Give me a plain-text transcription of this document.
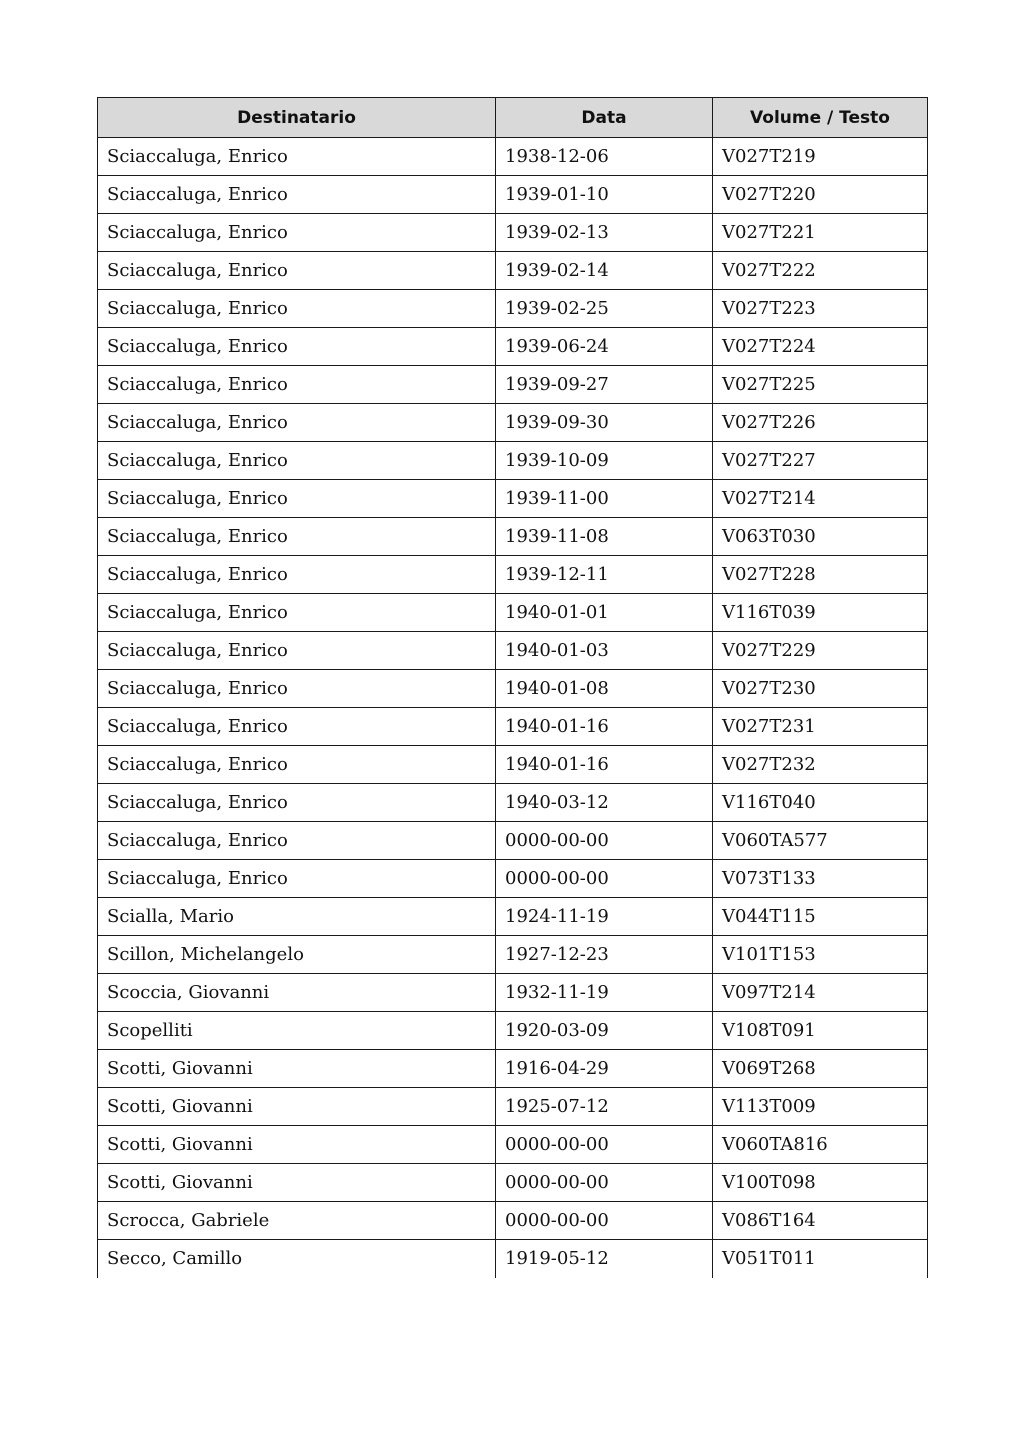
Destinatario	Data	Volume / Testo
Sciaccaluga, Enrico	1938-12-06	V027T219
Sciaccaluga, Enrico	1939-01-10	V027T220
Sciaccaluga, Enrico	1939-02-13	V027T221
Sciaccaluga, Enrico	1939-02-14	V027T222
Sciaccaluga, Enrico	1939-02-25	V027T223
Sciaccaluga, Enrico	1939-06-24	V027T224
Sciaccaluga, Enrico	1939-09-27	V027T225
Sciaccaluga, Enrico	1939-09-30	V027T226
Sciaccaluga, Enrico	1939-10-09	V027T227
Sciaccaluga, Enrico	1939-11-00	V027T214
Sciaccaluga, Enrico	1939-11-08	V063T030
Sciaccaluga, Enrico	1939-12-11	V027T228
Sciaccaluga, Enrico	1940-01-01	V116T039
Sciaccaluga, Enrico	1940-01-03	V027T229
Sciaccaluga, Enrico	1940-01-08	V027T230
Sciaccaluga, Enrico	1940-01-16	V027T231
Sciaccaluga, Enrico	1940-01-16	V027T232
Sciaccaluga, Enrico	1940-03-12	V116T040
Sciaccaluga, Enrico	0000-00-00	V060TA577
Sciaccaluga, Enrico	0000-00-00	V073T133
Scialla, Mario	1924-11-19	V044T115
Scillon, Michelangelo	1927-12-23	V101T153
Scoccia, Giovanni	1932-11-19	V097T214
Scopelliti	1920-03-09	V108T091
Scotti, Giovanni	1916-04-29	V069T268
Scotti, Giovanni	1925-07-12	V113T009
Scotti, Giovanni	0000-00-00	V060TA816
Scotti, Giovanni	0000-00-00	V100T098
Scrocca, Gabriele	0000-00-00	V086T164
Secco, Camillo	1919-05-12	V051T011
